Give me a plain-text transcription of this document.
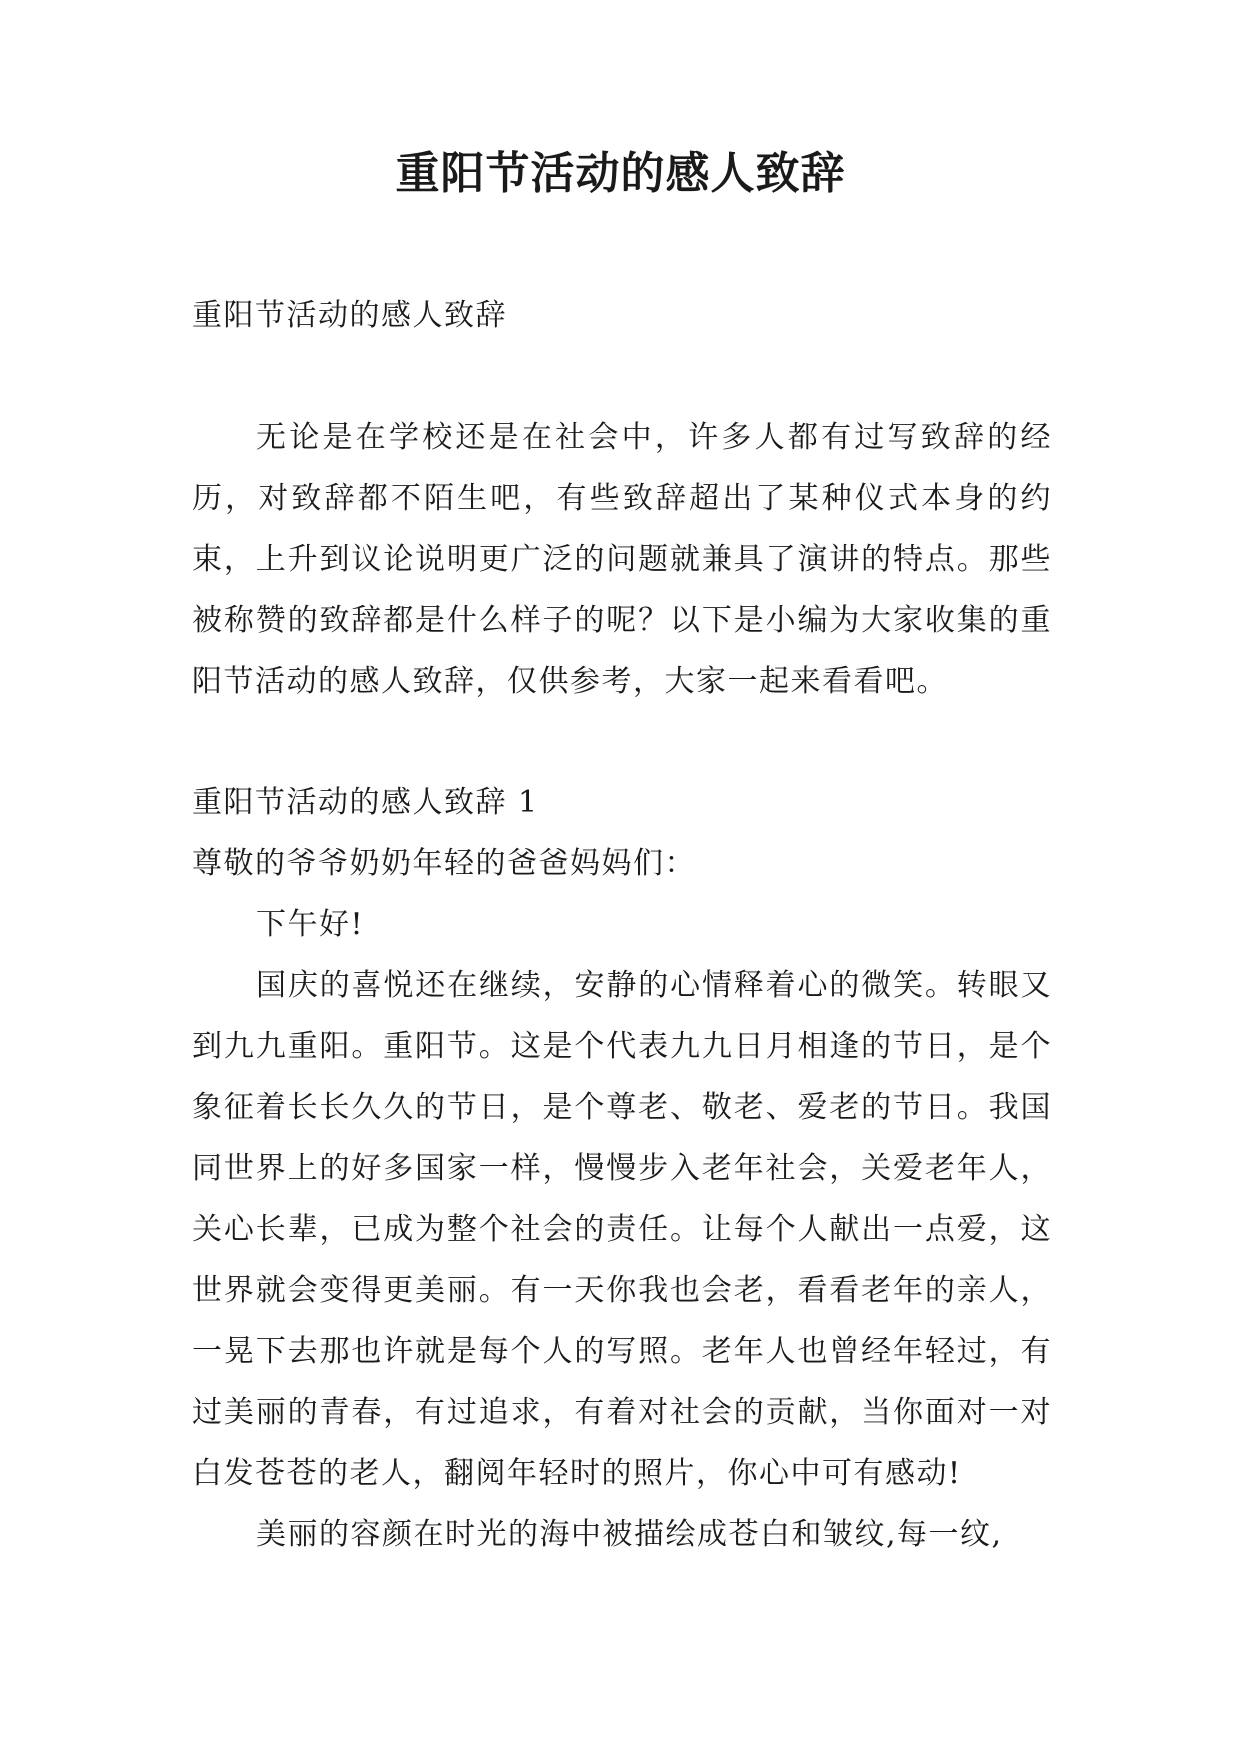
重阳节活动的感人致辞

重阳节活动的感人致辞

无论是在学校还是在社会中，许多人都有过写致辞的经历，对致辞都不陌生吧，有些致辞超出了某种仪式本身的约束，上升到议论说明更广泛的问题就兼具了演讲的特点。那些被称赞的致辞都是什么样子的呢？以下是小编为大家收集的重阳节活动的感人致辞，仅供参考，大家一起来看看吧。

重阳节活动的感人致辞 1

尊敬的爷爷奶奶年轻的爸爸妈妈们：

下午好!

国庆的喜悦还在继续，安静的心情释着心的微笑。转眼又到九九重阳。重阳节。这是个代表九九日月相逢的节日，是个象征着长长久久的节日，是个尊老、敬老、爱老的节日。我国同世界上的好多国家一样，慢慢步入老年社会，关爱老年人，关心长辈，已成为整个社会的责任。让每个人献出一点爱，这世界就会变得更美丽。有一天你我也会老，看看老年的亲人，一晃下去那也许就是每个人的写照。老年人也曾经年轻过，有过美丽的青春，有过追求，有着对社会的贡献，当你面对一对白发苍苍的老人，翻阅年轻时的照片，你心中可有感动!

美丽的容颜在时光的海中被描绘成苍白和皱纹,每一纹,
